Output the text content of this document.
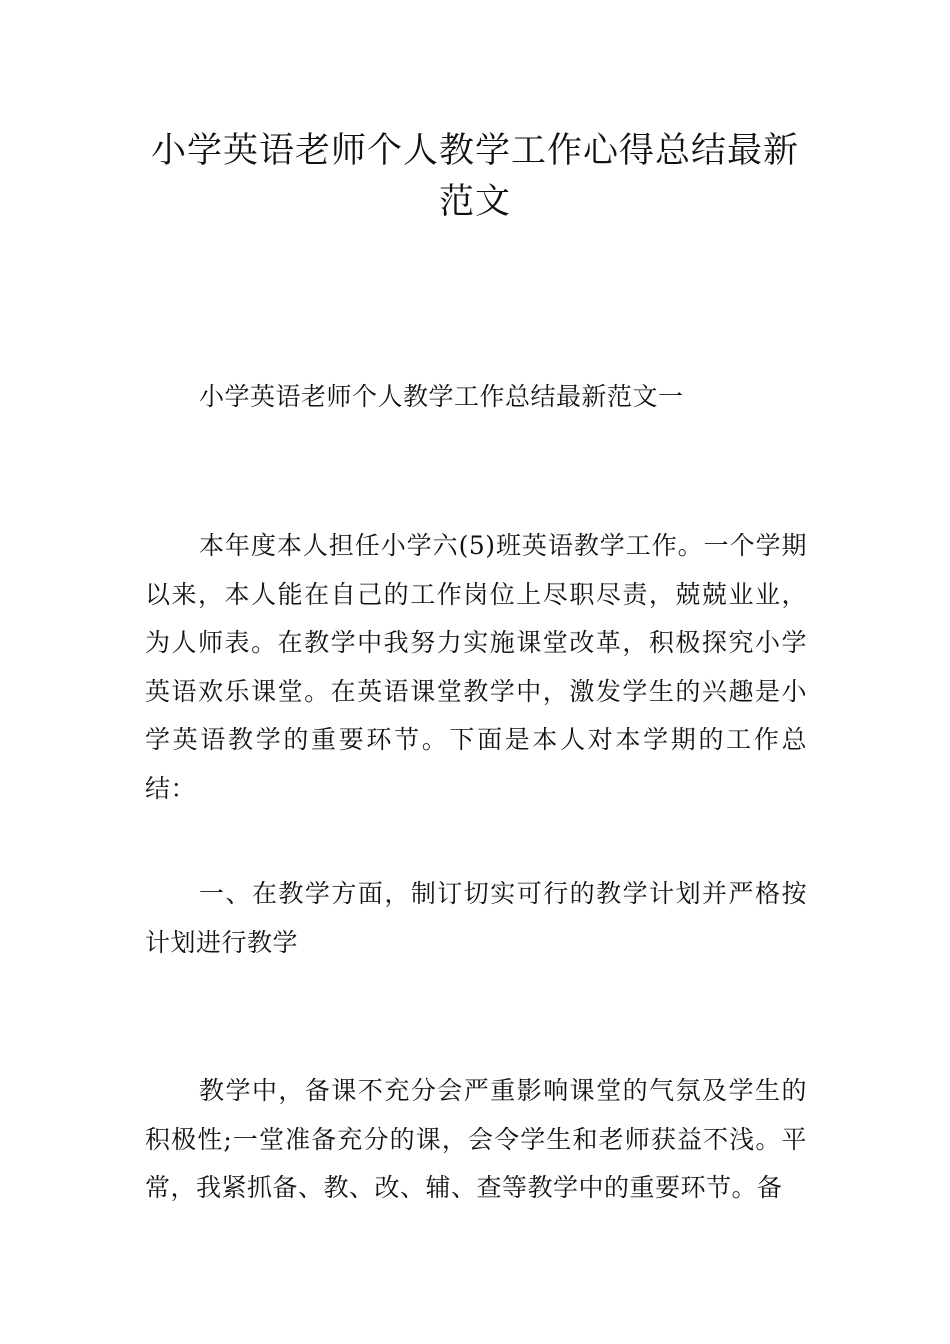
小学英语老师个人教学工作心得总结最新范文

小学英语老师个人教学工作总结最新范文一

本年度本人担任小学六(5)班英语教学工作。一个学期以来，本人能在自己的工作岗位上尽职尽责，兢兢业业，为人师表。在教学中我努力实施课堂改革，积极探究小学英语欢乐课堂。在英语课堂教学中，激发学生的兴趣是小学英语教学的重要环节。下面是本人对本学期的工作总结：

一、在教学方面，制订切实可行的教学计划并严格按计划进行教学

教学中，备课不充分会严重影响课堂的气氛及学生的积极性;一堂准备充分的课，会令学生和老师获益不浅。平常，我紧抓备、教、改、辅、查等教学中的重要环节。备
